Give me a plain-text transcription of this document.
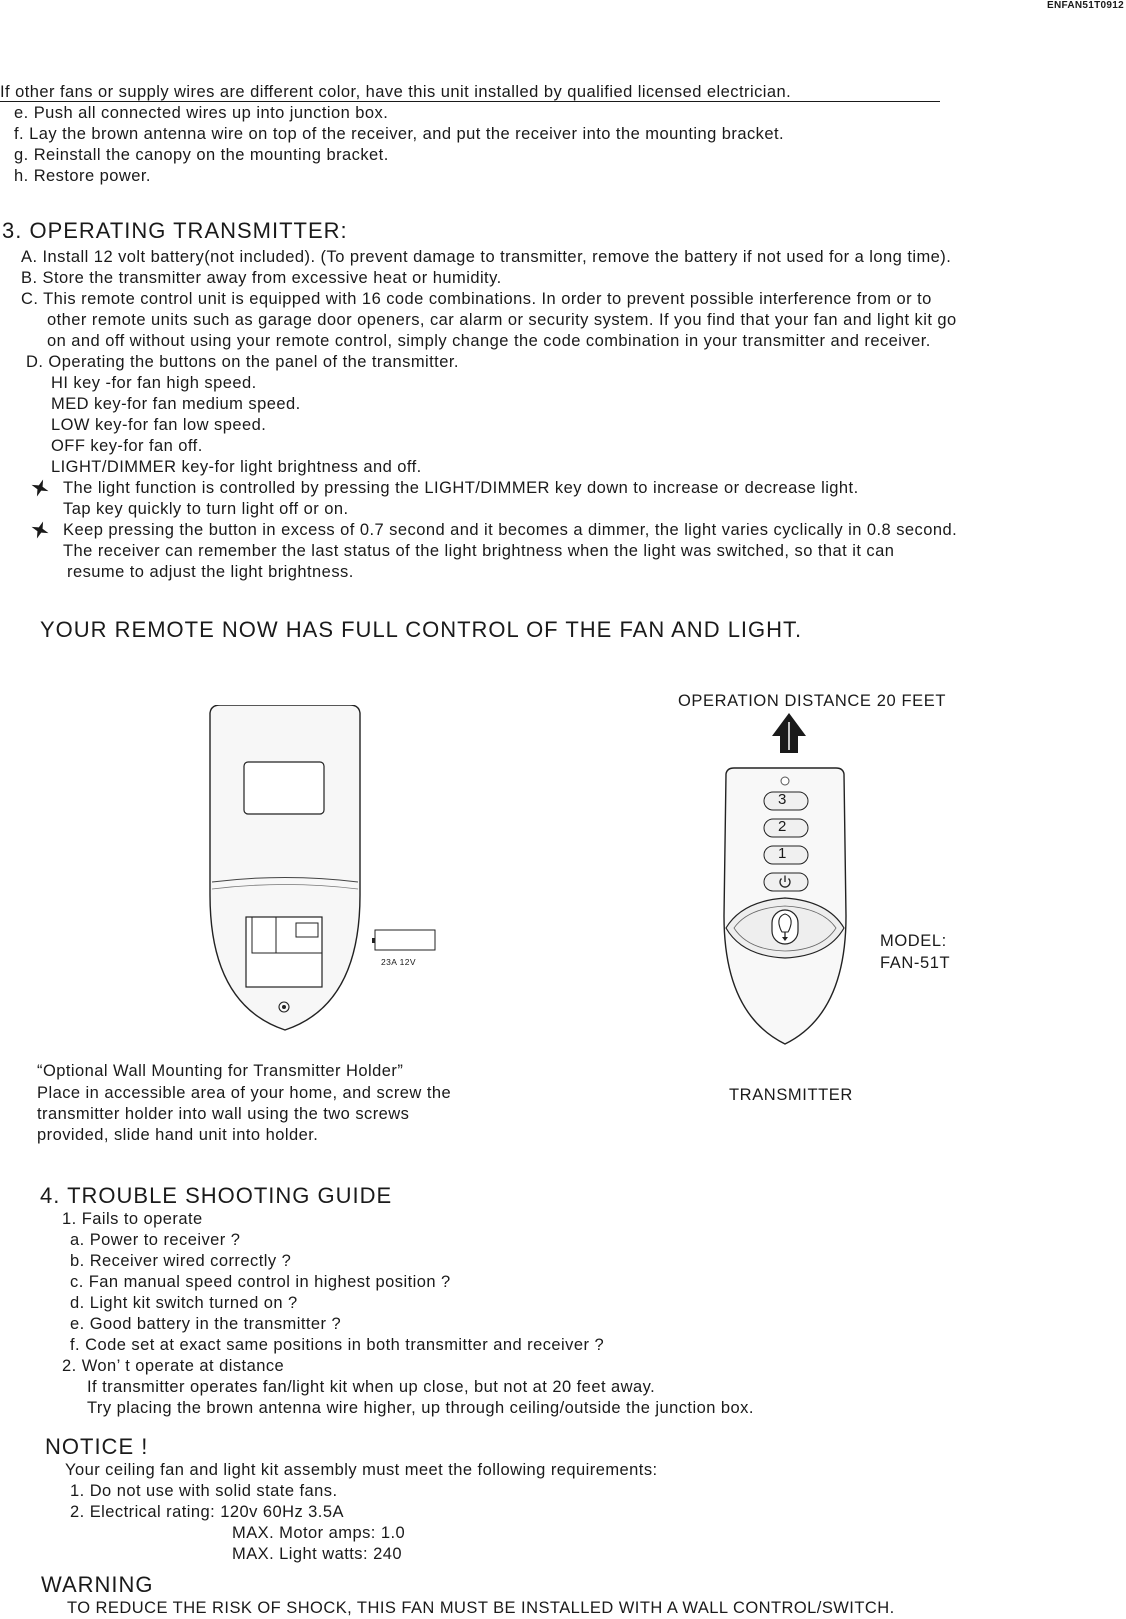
ENFAN51T0912
If other fans or supply wires are different color, have this unit installed by qualified licensed electrician.
e. Push all connected wires up into junction box.
f. Lay the brown antenna wire on top of the receiver, and put the receiver into the mounting bracket.
g. Reinstall the canopy on the mounting bracket.
h. Restore power.
3. OPERATING TRANSMITTER:
A. Install 12 volt battery(not included). (To prevent damage to transmitter, remove the battery if not used for a long time).
B. Store the transmitter away from excessive heat or humidity.
C. This remote control unit is equipped with 16 code combinations. In order to prevent possible interference from or to
other remote units such as garage door openers, car alarm or security system. If you find that your fan and light kit go
on and off without using your remote control, simply change the code combination in your transmitter and receiver.
D. Operating the buttons on the panel of the transmitter.
HI key -for fan high speed.
MED key-for fan medium speed.
LOW key-for fan low speed.
OFF key-for fan off.
LIGHT/DIMMER key-for light brightness and off.
The light function is controlled by pressing the LIGHT/DIMMER key down to increase or decrease light.
Tap key quickly to turn light off or on.
Keep pressing the button in excess of 0.7 second and it becomes a dimmer, the light varies cyclically in 0.8 second.
The receiver can remember the last status of the light brightness when the light was switched, so that it can
resume to adjust the light brightness.
YOUR REMOTE NOW HAS FULL CONTROL OF THE FAN AND LIGHT.
23A 12V
OPERATION DISTANCE 20 FEET
3
2
1
MODEL:
FAN-51T
TRANSMITTER
“Optional Wall Mounting for Transmitter Holder”
Place in accessible area of your home, and screw the
transmitter holder into wall using the two screws
provided, slide hand unit into holder.
4. TROUBLE SHOOTING GUIDE
1. Fails to operate
a. Power to receiver ?
b. Receiver wired correctly ?
c. Fan manual speed control in highest position ?
d. Light kit switch turned on ?
e. Good battery in the transmitter ?
f. Code set at exact same positions in both transmitter and receiver ?
2. Won’ t operate at distance
If transmitter operates fan/light kit when up close, but not at 20 feet away.
Try placing the brown antenna wire higher, up through ceiling/outside the junction box.
NOTICE !
Your ceiling fan and light kit assembly must meet the following requirements:
1. Do not use with solid state fans.
2. Electrical rating: 120v 60Hz 3.5A
MAX. Motor amps: 1.0
MAX. Light watts: 240
WARNING
TO REDUCE THE RISK OF SHOCK, THIS FAN MUST BE INSTALLED WITH A WALL CONTROL/SWITCH.
